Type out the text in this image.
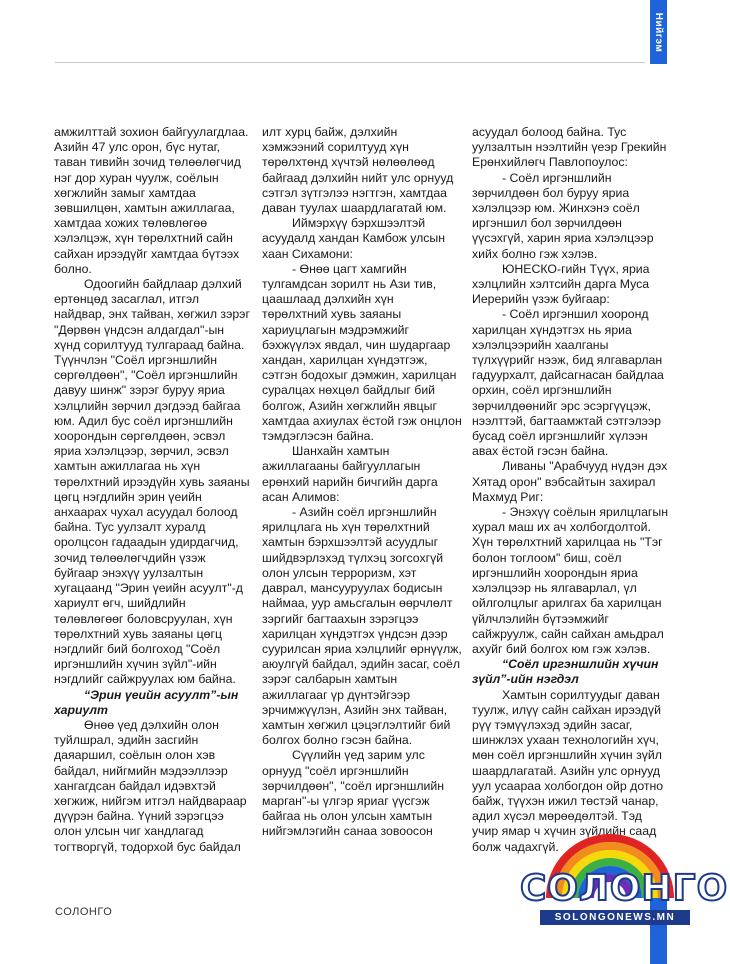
Нийгэм

амжилттай зохион байгуулагдлаа. Азийн 47 улс орон, бүс нутаг, таван тивийн зочид төлөөлөгчид нэг дор хуран чуулж, соёлын хөгжлийн замыг хамтдаа зөвшилцөн, хамтын ажиллагаа, хамтдаа хожих төлөвлөгөө хэлэлцэж, хүн төрөлхтний сайн сайхан ирээдүйг хамтдаа бүтээх болно.

Одоогийн байдлаар дэлхий ертөнцөд засаглал, итгэл найдвар, энх тайван, хөгжил зэрэг "Дөрвөн үндсэн алдагдал"-ын хүнд сорилтууд тулгараад байна. Түүнчлэн "Соёл иргэншлийн сөргөлдөөн", "Соёл иргэншлийн давуу шинж" зэрэг буруу яриа хэлцлийн зөрчил дэгдээд байгаа юм. Адил бус соёл иргэншлийн хоорондын сөргөлдөөн, эсвэл яриа хэлэлцээр, зөрчил, эсвэл хамтын ажиллагаа нь хүн төрөлхтний ирээдүйн хувь заяаны цөгц нэгдлийн эрин үеийн анхаарах чухал асуудал болоод байна. Тус уулзалт хуралд оролцсон гадаадын удирдагчид, зочид төлөөлөгчдийн үзэж буйгаар энэхүү уулзалтын хугацаанд "Эрин үеийн асуулт"-д хариулт өгч, шийдлийн төлөвлөгөөг боловсруулан, хүн төрөлхтний хувь заяаны цөгц нэгдлийг бий болгоход "Соёл иргэншлийн хүчин зүйл"-ийн нэгдлийг сайжруулах юм байна.

“Эрин үеийн асуулт”-ын хариулт

Өнөө үед дэлхийн олон туйлшрал, эдийн засгийн даяаршил, соёлын олон хэв байдал, нийгмийн мэдээллээр хангагдсан байдал идэвхтэй хөгжиж, нийгэм итгэл найдвараар дүүрэн байна. Үүний зэрэгцээ олон улсын чиг хандлагад тогтворгүй, тодорхой бус байдал

илт хурц байж, дэлхийн хэмжээний сорилтууд хүн төрөлхтөнд хүчтэй нөлөөлөөд байгаад дэлхийн нийт улс орнууд сэтгэл зүтгэлээ нэгтгэн, хамтдаа даван туулах шаардлагатай юм.

Иймэрхүү бэрхшээлтэй асуудалд хандан Камбож улсын хаан Сихамони:

- Өнөө цагт хамгийн тулгамдсан зорилт нь Ази тив, цаашлаад дэлхийн хүн төрөлхтний хувь заяаны хариуцлагын мэдрэмжийг бэхжүүлэх явдал, чин шударгаар хандан, харилцан хүндэтгэж, сэтгэн бодохыг дэмжин, харилцан суралцах нөхцөл байдлыг бий болгож, Азийн хөгжлийн явцыг хамтдаа ахиулах ёстой гэж онцлон тэмдэглэсэн байна.

Шанхайн хамтын ажиллагааны байгууллагын ерөнхий нарийн бичгийн дарга асан Алимов:

- Азийн соёл иргэншлийн ярилцлага нь хүн төрөлхтний хамтын бэрхшээлтэй асуудлыг шийдвэрлэхэд түлхэц зогсохгүй олон улсын терроризм, хэт даврал, мансууруулах бодисын наймаа, уур амьсгалын өөрчлөлт зэргийг багтаахын зэрэгцээ харилцан хүндэтгэх үндсэн дээр суурилсан яриа хэлцлийг өрнүүлж, аюулгүй байдал, эдийн засаг, соёл зэрэг салбарын хамтын ажиллагааг үр дүнтэйгээр эрчимжүүлэн, Азийн энх тайван, хамтын хөгжил цэцэглэлтийг бий болгох болно гэсэн байна.

Сүүлийн үед зарим улс орнууд "соёл иргэншлийн зөрчилдөөн", "соёл иргэншлийн марган"-ы үлгэр яриаг үүсгэж байгаа нь олон улсын хамтын нийгэмлэгийн санаа зовоосон

асуудал болоод байна. Тус уулзалтын нээлтийн үеэр Грекийн Ерөнхийлөгч Павлопоулос:

- Соёл иргэншлийн зөрчилдөөн бол буруу яриа хэлэлцээр юм. Жинхэнэ соёл иргэншил бол зөрчилдөөн үүсэхгүй, харин яриа хэлэлцээр хийх болно гэж хэлэв.

ЮНЕСКО-гийн Түүх, яриа хэлцлийн хэлтсийн дарга Муса Иерерийн үзэж буйгаар:

- Соёл иргэншил хооронд харилцан хүндэтгэх нь яриа хэлэлцээрийн хаалганы түлхүүрийг нээж, бид ялгаварлан гадуурхалт, дайсагнасан байдлаа орхин, соёл иргэншлийн зөрчилдөөнийг эрс эсэргүүцэж, нээлттэй, багтаамжтай сэтгэлээр бусад соёл иргэншлийг хүлээн авах ёстой гэсэн байна.

Ливаны "Арабчууд нүдэн дэх Хятад орон" вэбсайтын захирал Махмуд Риг:

- Энэхүү соёлын ярилцлагын хурал маш их ач холбогдолтой. Хүн төрөлхтний харилцаа нь "Тэг болон тоглоом" биш, соёл иргэншлийн хоорондын яриа хэлэлцээр нь ялгаварлал, үл ойлголцлыг арилгах ба харилцан үйлчлэлийн бүтээмжийг сайжруулж, сайн сайхан амьдрал ахуйг бий болгох юм гэж хэлэв.

“Соёл иргэншлийн хүчин зүйл”-ийн нэгдэл

Хамтын сорилтуудыг даван туулж, илүү сайн сайхан ирээдүй рүү тэмүүлэхэд эдийн засаг, шинжлэх ухаан технологийн хүч, мөн соёл иргэншлийн хүчин зүйл шаардлагатай. Азийн улс орнууд уул усаараа холбогдон ойр дотно байж, түүхэн ижил төстэй чанар, адил хүсэл мөрөөдөлтэй. Тэд учир ямар ч хүчин зүйлийн саад болж чадахгүй.

СОЛОНГО
СОЛОНГО
SOLONGONEWS.MN
